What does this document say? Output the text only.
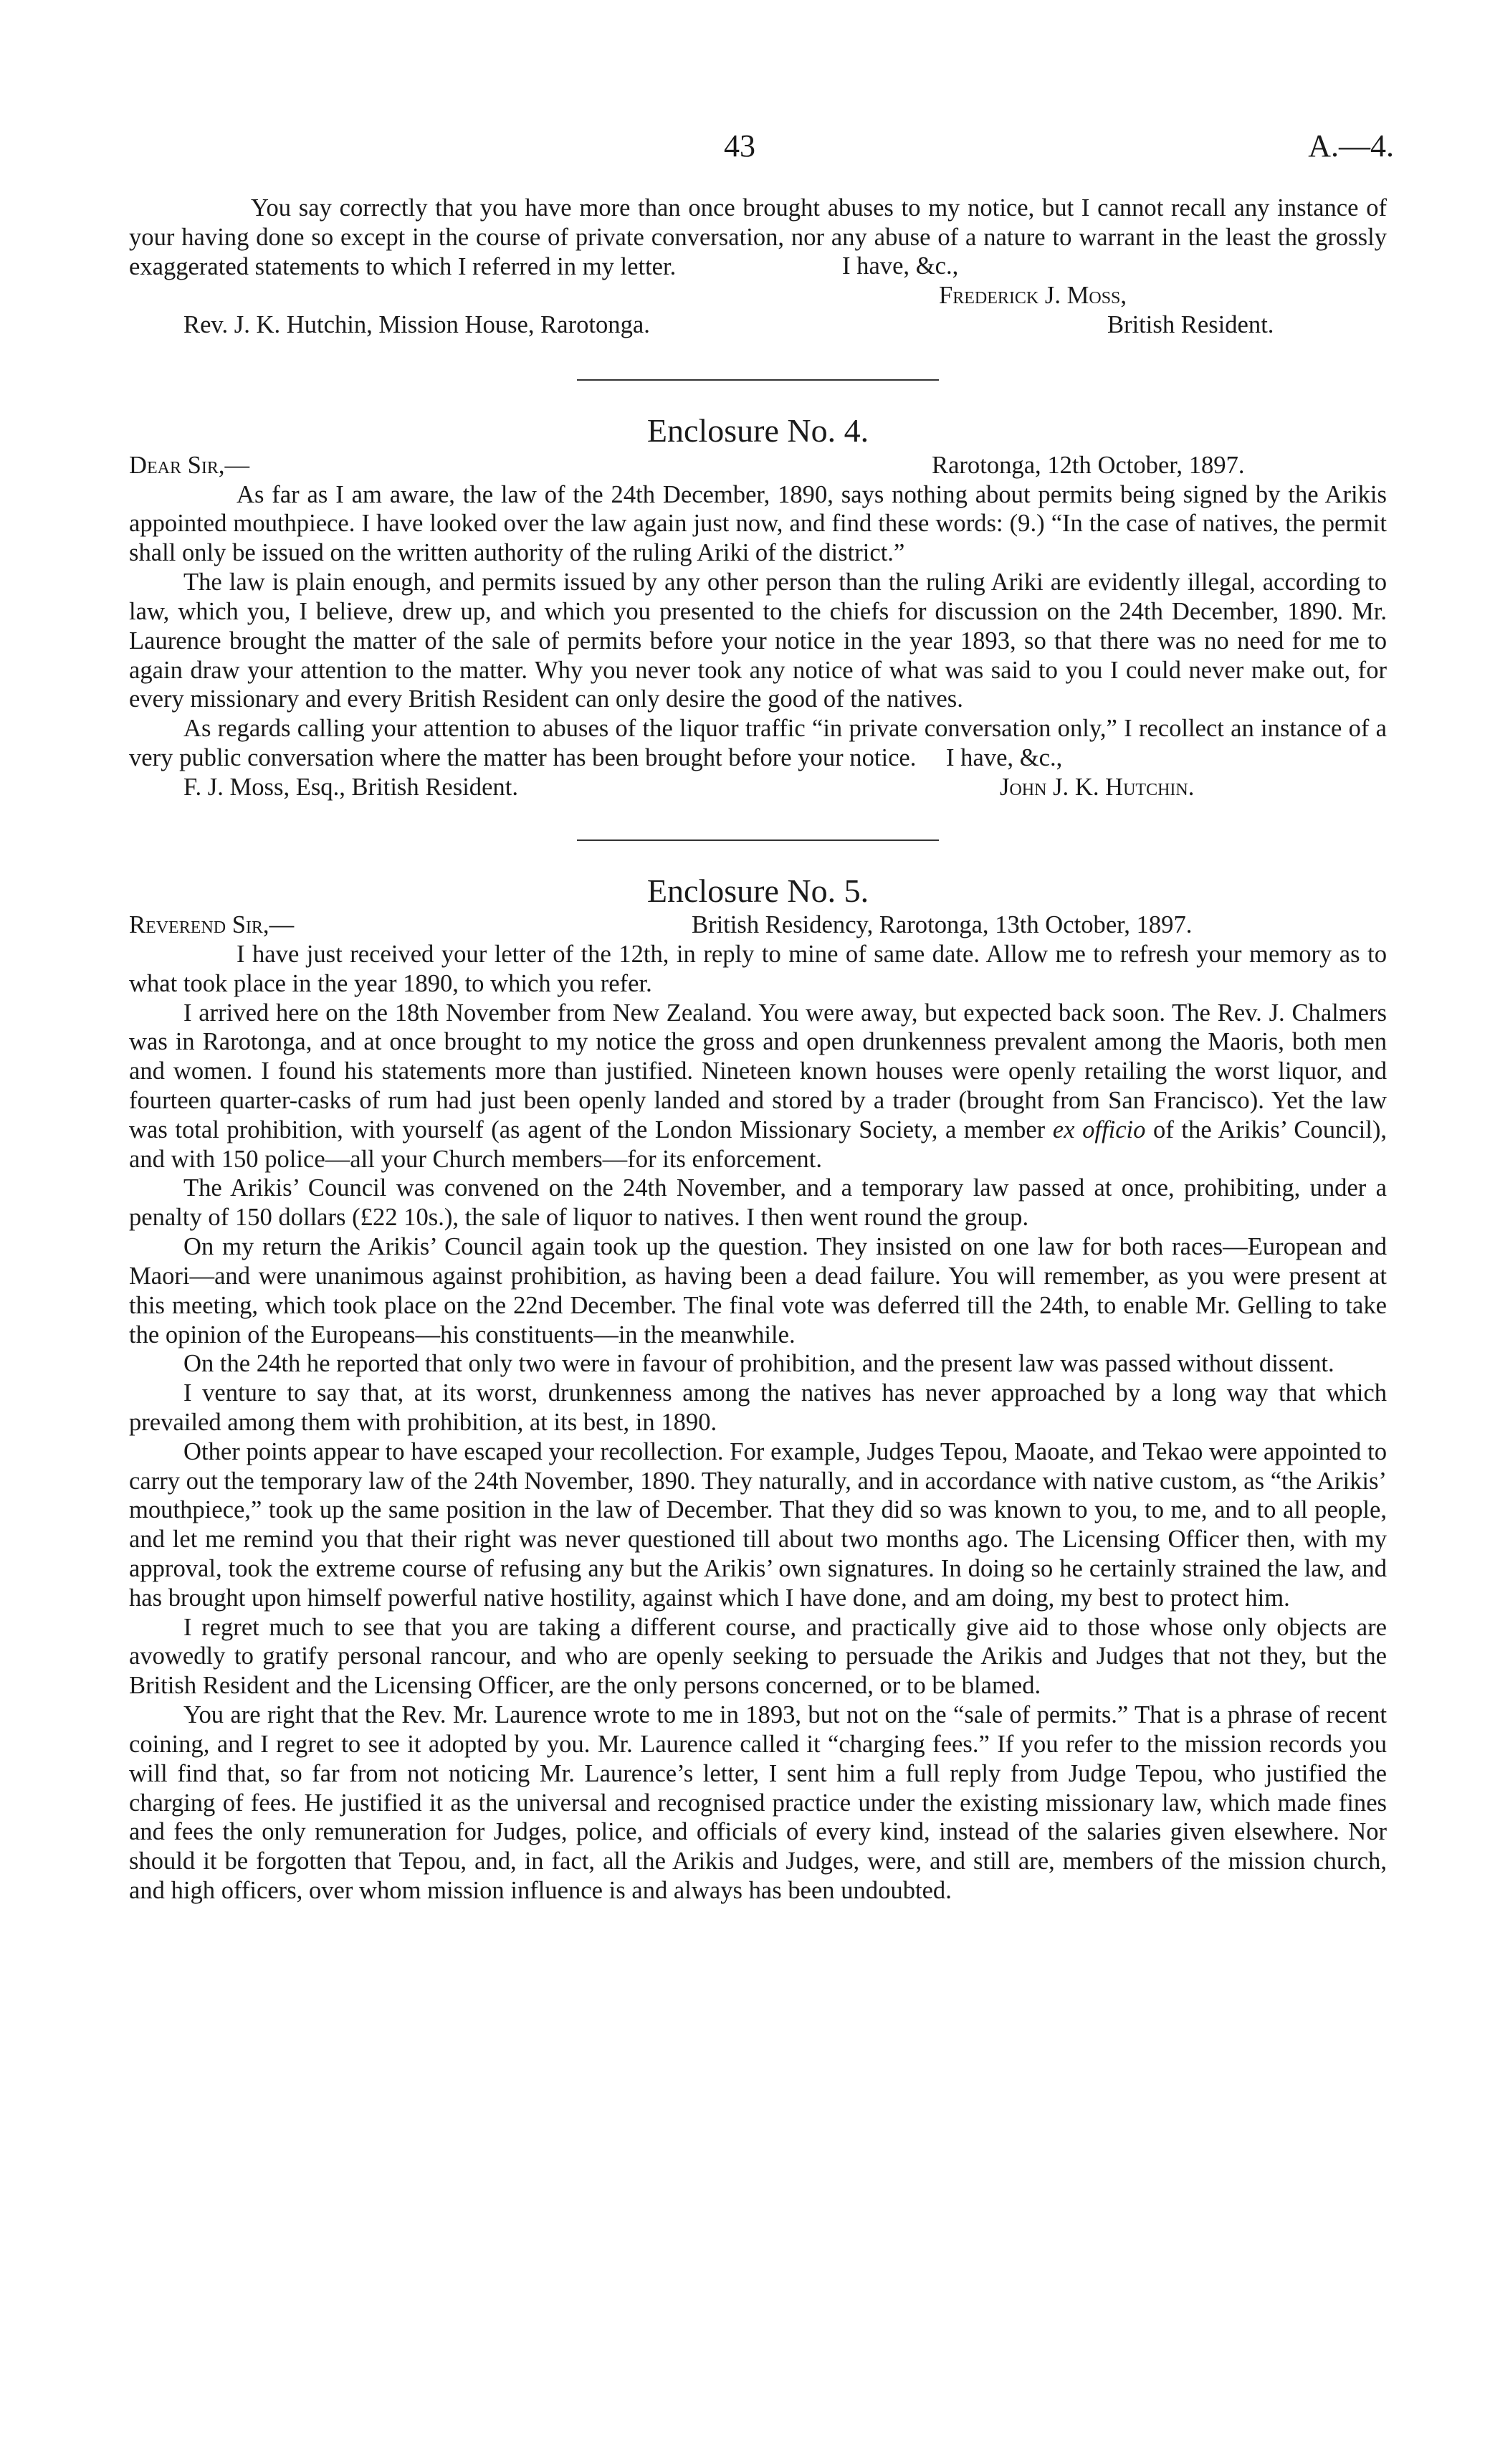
43	A.—4.

You say correctly that you have more than once brought abuses to my notice, but I cannot recall any instance of your having done so except in the course of private conversation, nor any abuse of a nature to warrant in the least the grossly exaggerated statements to which I referred in my letter.	I have, &c.,
Frederick J. Moss,
Rev. J. K. Hutchin, Mission House, Rarotonga.	British Resident.
Enclosure No. 4.
Dear Sir,—	Rarotonga, 12th October, 1897.

As far as I am aware, the law of the 24th December, 1890, says nothing about permits being signed by the Arikis appointed mouthpiece. I have looked over the law again just now, and find these words: (9.) “In the case of natives, the permit shall only be issued on the written authority of the ruling Ariki of the district.”

The law is plain enough, and permits issued by any other person than the ruling Ariki are evidently illegal, according to law, which you, I believe, drew up, and which you presented to the chiefs for discussion on the 24th December, 1890. Mr. Laurence brought the matter of the sale of permits before your notice in the year 1893, so that there was no need for me to again draw your attention to the matter. Why you never took any notice of what was said to you I could never make out, for every missionary and every British Resident can only desire the good of the natives.

As regards calling your attention to abuses of the liquor traffic “in private conversation only,” I recollect an instance of a very public conversation where the matter has been brought before your notice.	I have, &c.,
F. J. Moss, Esq., British Resident.	John J. K. Hutchin.
Enclosure No. 5.
Reverend Sir,—	British Residency, Rarotonga, 13th October, 1897.

I have just received your letter of the 12th, in reply to mine of same date. Allow me to refresh your memory as to what took place in the year 1890, to which you refer.

I arrived here on the 18th November from New Zealand. You were away, but expected back soon. The Rev. J. Chalmers was in Rarotonga, and at once brought to my notice the gross and open drunkenness prevalent among the Maoris, both men and women. I found his statements more than justified. Nineteen known houses were openly retailing the worst liquor, and fourteen quarter-casks of rum had just been openly landed and stored by a trader (brought from San Francisco). Yet the law was total prohibition, with yourself (as agent of the London Missionary Society, a member ex officio of the Arikis’ Council), and with 150 police—all your Church members—for its enforcement.

The Arikis’ Council was convened on the 24th November, and a temporary law passed at once, prohibiting, under a penalty of 150 dollars (£22 10s.), the sale of liquor to natives. I then went round the group.

On my return the Arikis’ Council again took up the question. They insisted on one law for both races—European and Maori—and were unanimous against prohibition, as having been a dead failure. You will remember, as you were present at this meeting, which took place on the 22nd December. The final vote was deferred till the 24th, to enable Mr. Gelling to take the opinion of the Europeans—his constituents—in the meanwhile.

On the 24th he reported that only two were in favour of prohibition, and the present law was passed without dissent.

I venture to say that, at its worst, drunkenness among the natives has never approached by a long way that which prevailed among them with prohibition, at its best, in 1890.

Other points appear to have escaped your recollection. For example, Judges Tepou, Maoate, and Tekao were appointed to carry out the temporary law of the 24th November, 1890. They naturally, and in accordance with native custom, as “the Arikis’ mouthpiece,” took up the same position in the law of December. That they did so was known to you, to me, and to all people, and let me remind you that their right was never questioned till about two months ago. The Licensing Officer then, with my approval, took the extreme course of refusing any but the Arikis’ own signatures. In doing so he certainly strained the law, and has brought upon himself powerful native hostility, against which I have done, and am doing, my best to protect him.

I regret much to see that you are taking a different course, and practically give aid to those whose only objects are avowedly to gratify personal rancour, and who are openly seeking to persuade the Arikis and Judges that not they, but the British Resident and the Licensing Officer, are the only persons concerned, or to be blamed.

You are right that the Rev. Mr. Laurence wrote to me in 1893, but not on the “sale of permits.” That is a phrase of recent coining, and I regret to see it adopted by you. Mr. Laurence called it “charging fees.” If you refer to the mission records you will find that, so far from not noticing Mr. Laurence’s letter, I sent him a full reply from Judge Tepou, who justified the charging of fees. He justified it as the universal and recognised practice under the existing missionary law, which made fines and fees the only remuneration for Judges, police, and officials of every kind, instead of the salaries given elsewhere. Nor should it be forgotten that Tepou, and, in fact, all the Arikis and Judges, were, and still are, members of the mission church, and high officers, over whom mission influence is and always has been undoubted.
